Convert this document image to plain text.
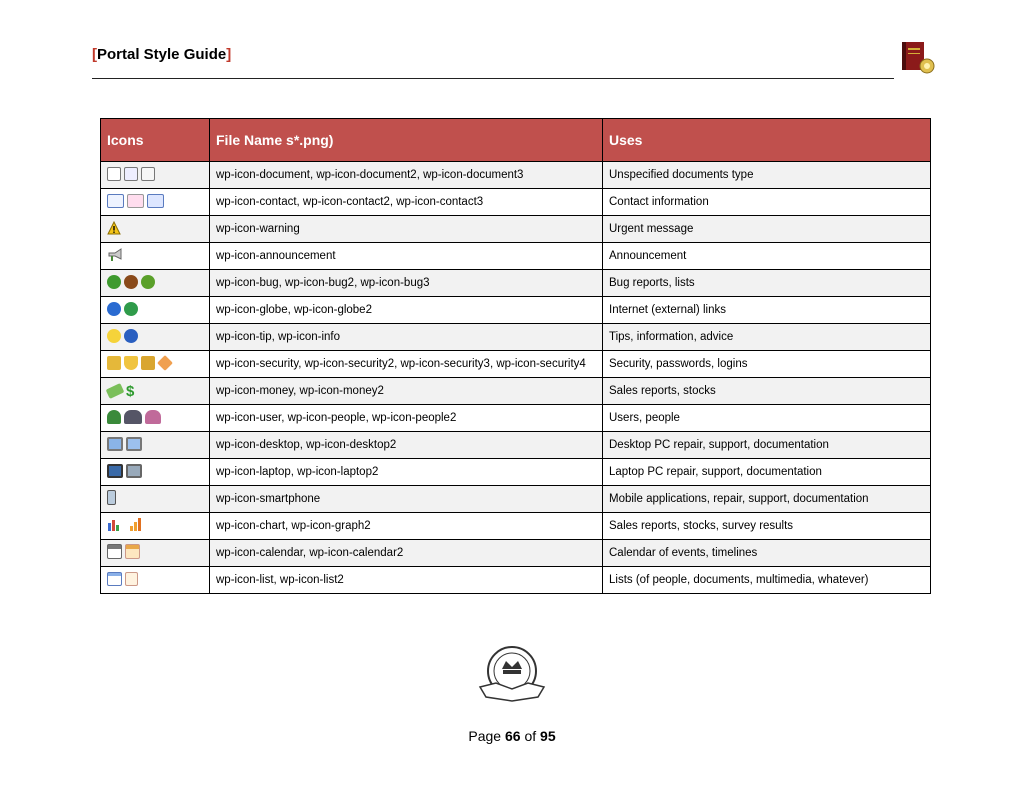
[Portal Style Guide]
Icons	File Name s*.png)	Uses

	wp-icon-document, wp-icon-document2, wp-icon-document3	Unspecified documents type

	wp-icon-contact, wp-icon-contact2, wp-icon-contact3	Contact information
	wp-icon-warning	Urgent message
	wp-icon-announcement	Announcement

	wp-icon-bug, wp-icon-bug2, wp-icon-bug3	Bug reports, lists

	wp-icon-globe, wp-icon-globe2	Internet (external) links

	wp-icon-tip, wp-icon-info	Tips, information, advice

	wp-icon-security, wp-icon-security2, wp-icon-security3, wp-icon-security4	Security, passwords, logins

$	wp-icon-money, wp-icon-money2	Sales reports, stocks

	wp-icon-user, wp-icon-people, wp-icon-people2	Users, people

	wp-icon-desktop, wp-icon-desktop2	Desktop PC repair, support, documentation

	wp-icon-laptop, wp-icon-laptop2	Laptop PC repair, support, documentation

	wp-icon-smartphone	Mobile applications, repair, support, documentation
	wp-icon-chart, wp-icon-graph2	Sales reports, stocks, survey results

	wp-icon-calendar, wp-icon-calendar2	Calendar of events, timelines

	wp-icon-list, wp-icon-list2	Lists (of people, documents, multimedia, whatever)
Page 66 of 95
